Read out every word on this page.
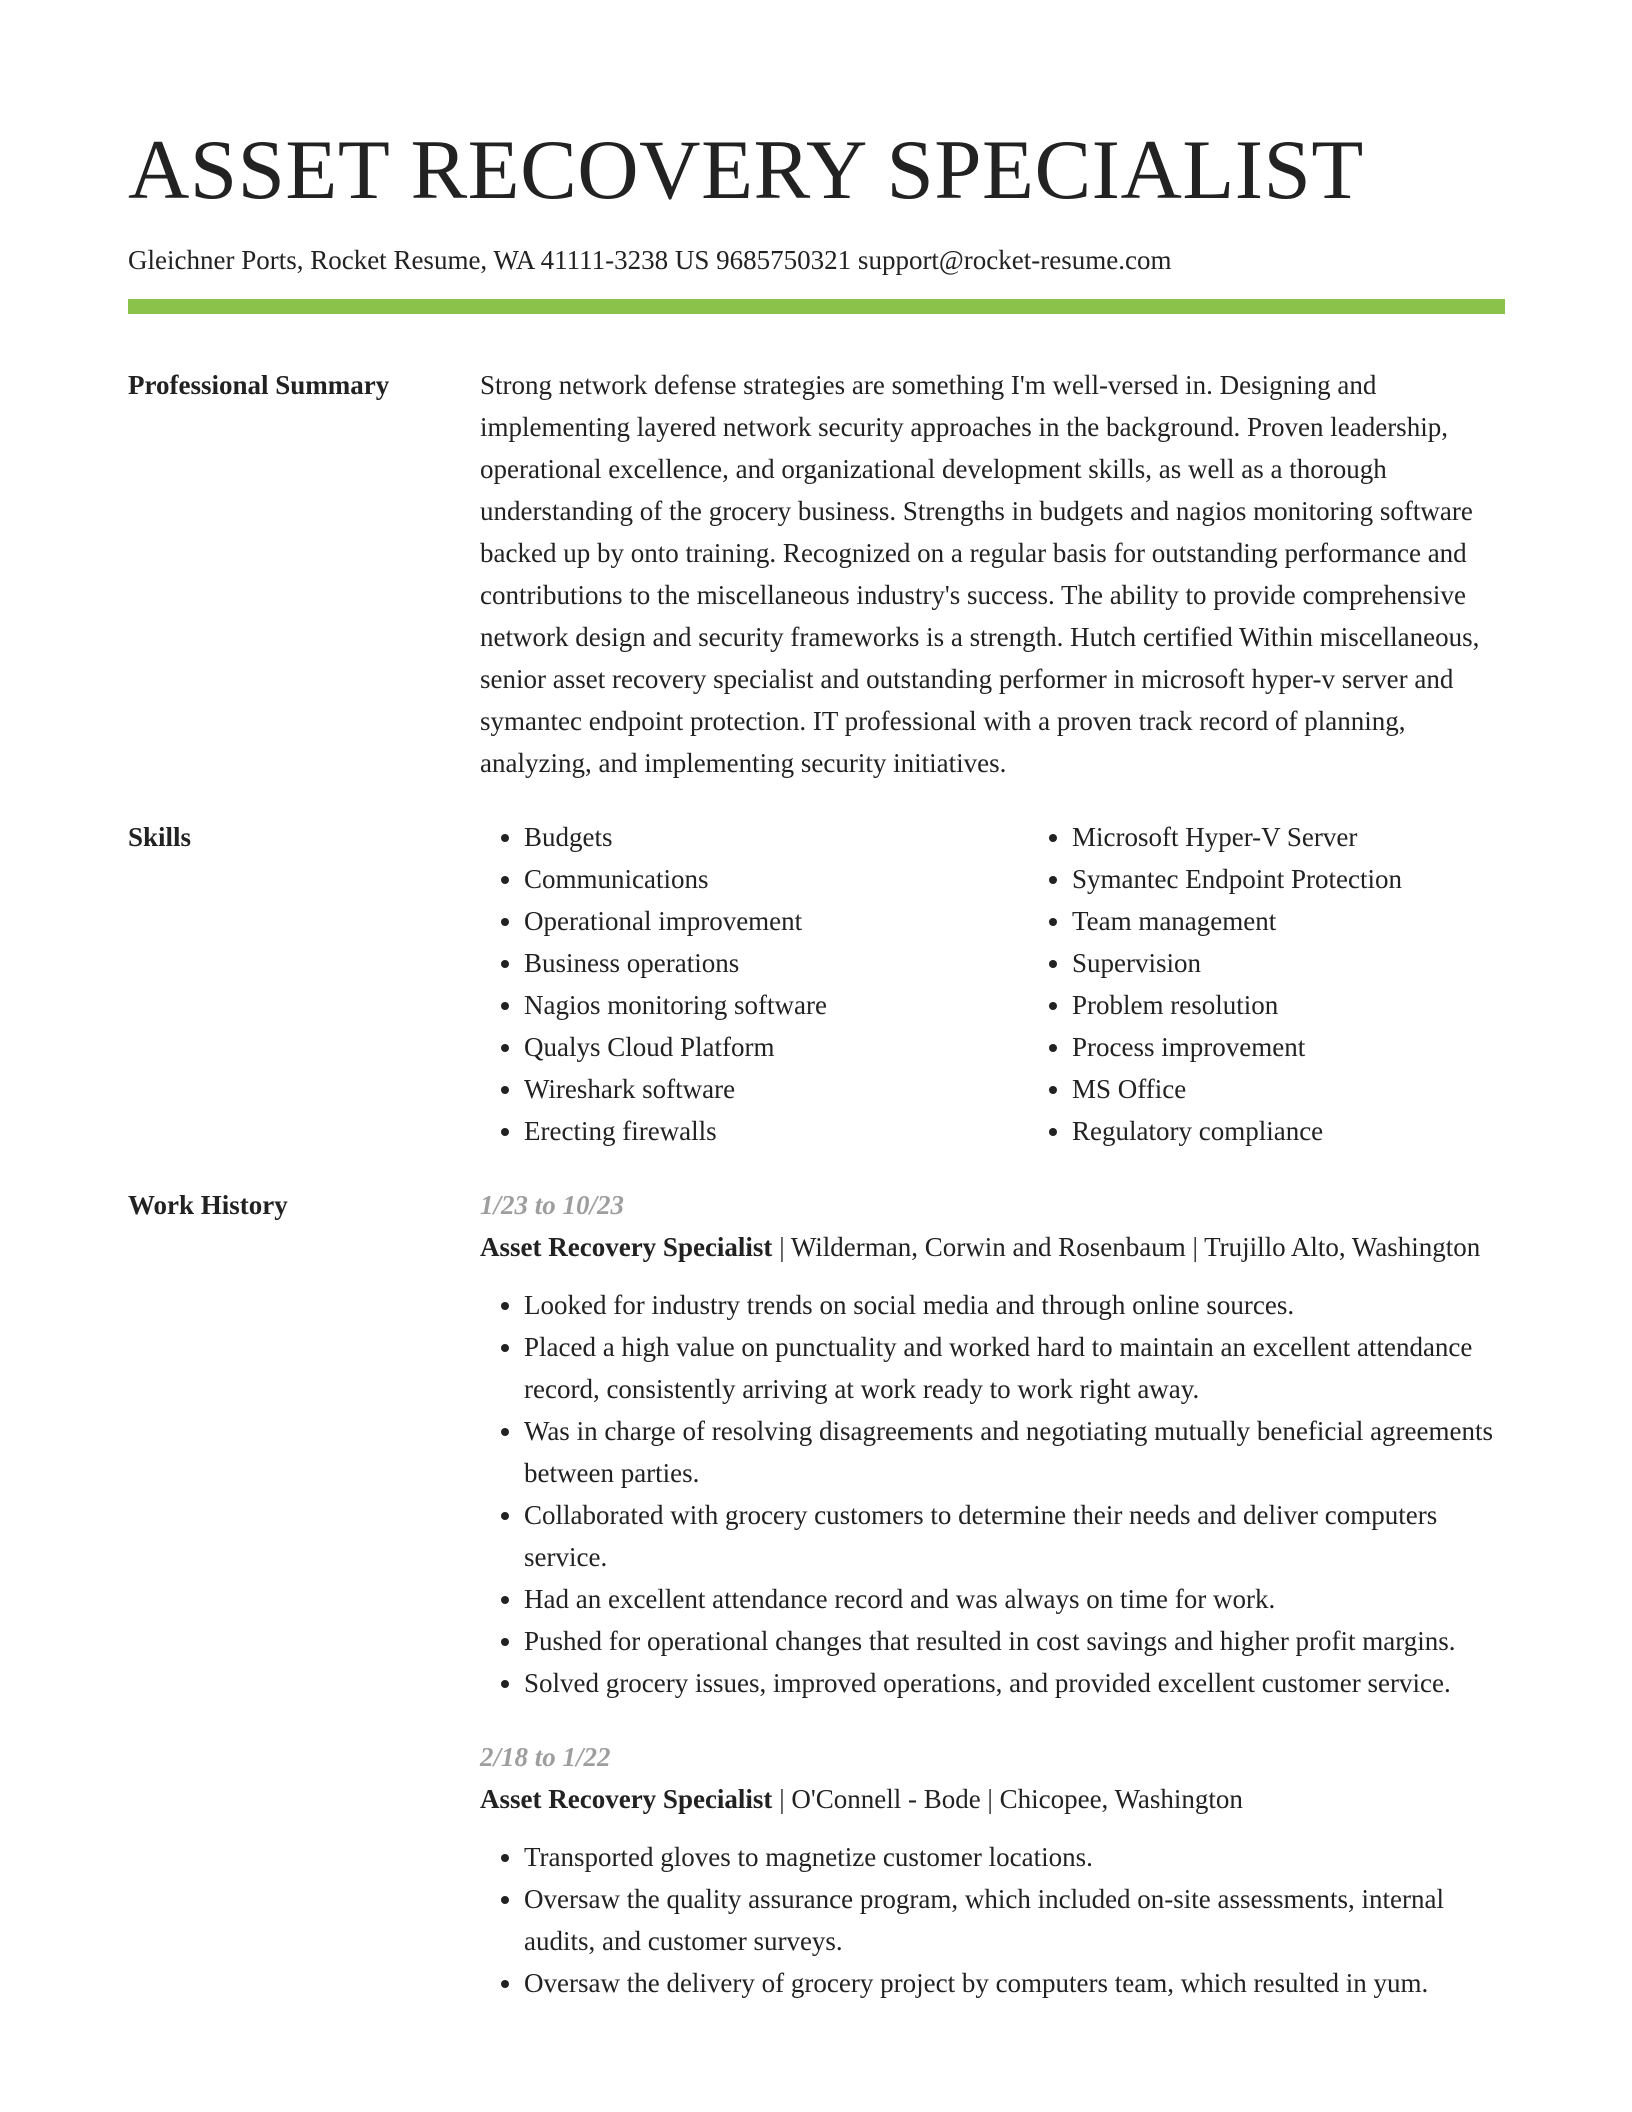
ASSET RECOVERY SPECIALIST
Gleichner Ports, Rocket Resume, WA 41111-3238 US 9685750321 support@rocket-resume.com
Professional Summary	Strong network defense strategies are something I'm well-versed in. Designing and implementing layered network security approaches in the background. Proven leadership, operational excellence, and organizational development skills, as well as a thorough understanding of the grocery business. Strengths in budgets and nagios monitoring software backed up by onto training. Recognized on a regular basis for outstanding performance and contributions to the miscellaneous industry's success. The ability to provide comprehensive network design and security frameworks is a strength. Hutch certified Within miscellaneous, senior asset recovery specialist and outstanding performer in microsoft hyper-v server and symantec endpoint protection. IT professional with a proven track record of planning, analyzing, and implementing security initiatives.

Skills
•	Budgets
• Communications
• Operational improvement
• Business operations
• Nagios monitoring software
• Qualys Cloud Platform
• Wireshark software
• Erecting firewalls
• Microsoft Hyper-V Server
• Symantec Endpoint Protection
• Team management
• Supervision
• Problem resolution
• Process improvement
• MS Office
• Regulatory compliance
Work History	1/23 to 10/23

Asset Recovery Specialist | Wilderman, Corwin and Rosenbaum | Trujillo Alto, Washington

• Looked for industry trends on social media and through online sources.
• Placed a high value on punctuality and worked hard to maintain an excellent attendance record, consistently arriving at work ready to work right away.
• Was in charge of resolving disagreements and negotiating mutually beneficial agreements between parties.
• Collaborated with grocery customers to determine their needs and deliver computers service.
• Had an excellent attendance record and was always on time for work.
• Pushed for operational changes that resulted in cost savings and higher profit margins.
• Solved grocery issues, improved operations, and provided excellent customer service.
2/18 to 1/22

Asset Recovery Specialist | O'Connell - Bode | Chicopee, Washington

• Transported gloves to magnetize customer locations.
• Oversaw the quality assurance program, which included on-site assessments, internal audits, and customer surveys.
• Oversaw the delivery of grocery project by computers team, which resulted in yum.
